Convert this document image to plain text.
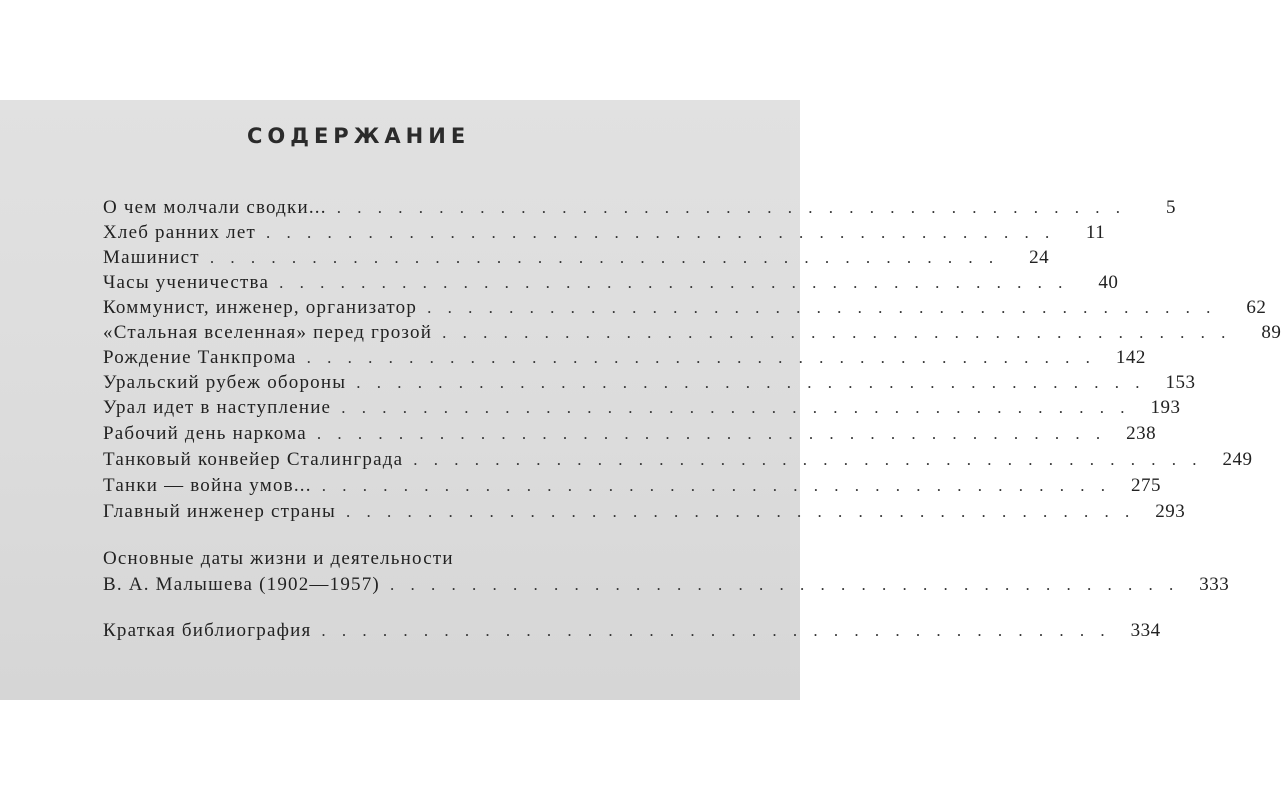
СОДЕРЖАНИЕ
О чем молчали сводки... . . . . . . . . . . . . . . . . . . . . . . . . . . . . . . . . . . . . . . .	5
Хлеб ранних лет . . . . . . . . . . . . . . . . . . . . . . . . . . . . . . . . . . . . . . .	11
Машинист . . . . . . . . . . . . . . . . . . . . . . . . . . . . . . . . . . . . . . .	24
Часы ученичества . . . . . . . . . . . . . . . . . . . . . . . . . . . . . . . . . . . . . . .	40
Коммунист, инженер, организатор . . . . . . . . . . . . . . . . . . . . . . . . . . . . . . . . . . . . . . .	62
«Стальная вселенная» перед грозой . . . . . . . . . . . . . . . . . . . . . . . . . . . . . . . . . . . . . . .	89
Рождение Танкпрома . . . . . . . . . . . . . . . . . . . . . . . . . . . . . . . . . . . . . . .	142
Уральский рубеж обороны . . . . . . . . . . . . . . . . . . . . . . . . . . . . . . . . . . . . . . .	153
Урал идет в наступление . . . . . . . . . . . . . . . . . . . . . . . . . . . . . . . . . . . . . . .	193
Рабочий день наркома . . . . . . . . . . . . . . . . . . . . . . . . . . . . . . . . . . . . . . .	238
Танковый конвейер Сталинграда . . . . . . . . . . . . . . . . . . . . . . . . . . . . . . . . . . . . . . .	249
Танки — война умов... . . . . . . . . . . . . . . . . . . . . . . . . . . . . . . . . . . . . . . .	275
Главный инженер страны . . . . . . . . . . . . . . . . . . . . . . . . . . . . . . . . . . . . . . .	293
Основные даты жизни и деятельности
В. А. Малышева (1902—1957) . . . . . . . . . . . . . . . . . . . . . . . . . . . . . . . . . . . . . . .	333
Краткая библиография . . . . . . . . . . . . . . . . . . . . . . . . . . . . . . . . . . . . . . .	334
